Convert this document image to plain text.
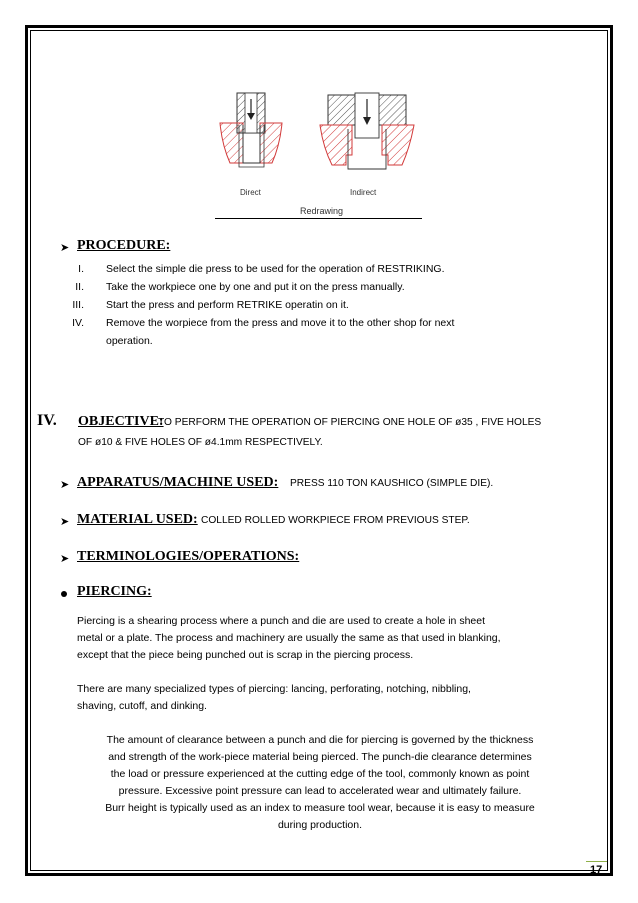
Direct	Indirect
Redrawing
➤ PROCEDURE:
I. Select the simple die press to be used for the operation of RESTRIKING.
II. Take the workpiece one by one and put it on the press manually.
III. Start the press and perform RETRIKE operatin on it.
IV. Remove the worpiece from the press and move it to the other shop for next
operation.
IV. OBJECTIVE:
TO PERFORM THE OPERATION OF PIERCING ONE HOLE OF ø35 , FIVE HOLES
OF ø10 & FIVE HOLES OF ø4.1mm RESPECTIVELY.
➤ APPARATUS/MACHINE USED: PRESS 110 TON KAUSHICO (SIMPLE DIE).
➤ MATERIAL USED: COLLED ROLLED WORKPIECE FROM PREVIOUS STEP.
➤ TERMINOLOGIES/OPERATIONS:
PIERCING:
Piercing is a shearing process where a punch and die are used to create a hole in sheet
metal or a plate. The process and machinery are usually the same as that used in blanking,
except that the piece being punched out is scrap in the piercing process.
There are many specialized types of piercing: lancing, perforating, notching, nibbling,
shaving, cutoff, and dinking.
The amount of clearance between a punch and die for piercing is governed by the thickness
and strength of the work-piece material being pierced. The punch-die clearance determines
the load or pressure experienced at the cutting edge of the tool, commonly known as point
pressure. Excessive point pressure can lead to accelerated wear and ultimately failure.
Burr height is typically used as an index to measure tool wear, because it is easy to measure
during production.
17
